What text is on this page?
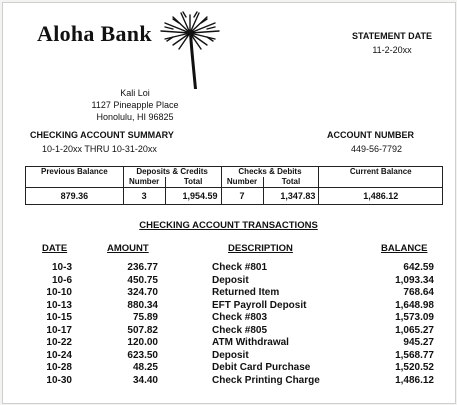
Aloha Bank	STATEMENT DATE
11-2-20xx
Kali Loi
1127 Pineapple Place
Honolulu, HI 96825
CHECKING ACCOUNT SUMMARY
10-1-20xx THRU 10-31-20xx
ACCOUNT NUMBER
449-56-7792
Previous Balance	Deposits & Credits		Checks & Debits		Current Balance
	Number	Total	Number	Total	
879.36	3	1,954.59	7	1,347.83	1,486.12
CHECKING ACCOUNT TRANSACTIONS
DATE	AMOUNT	DESCRIPTION	BALANCE
10-3	236.77	Check #801	642.59
10-6	450.75	Deposit	1,093.34
10-10	324.70	Returned Item	768.64
10-13	880.34	EFT Payroll Deposit	1,648.98
10-15	75.89	Check #803	1,573.09
10-17	507.82	Check #805	1,065.27
10-22	120.00	ATM Withdrawal	945.27
10-24	623.50	Deposit	1,568.77
10-28	48.25	Debit Card Purchase	1,520.52
10-30	34.40	Check Printing Charge	1,486.12
